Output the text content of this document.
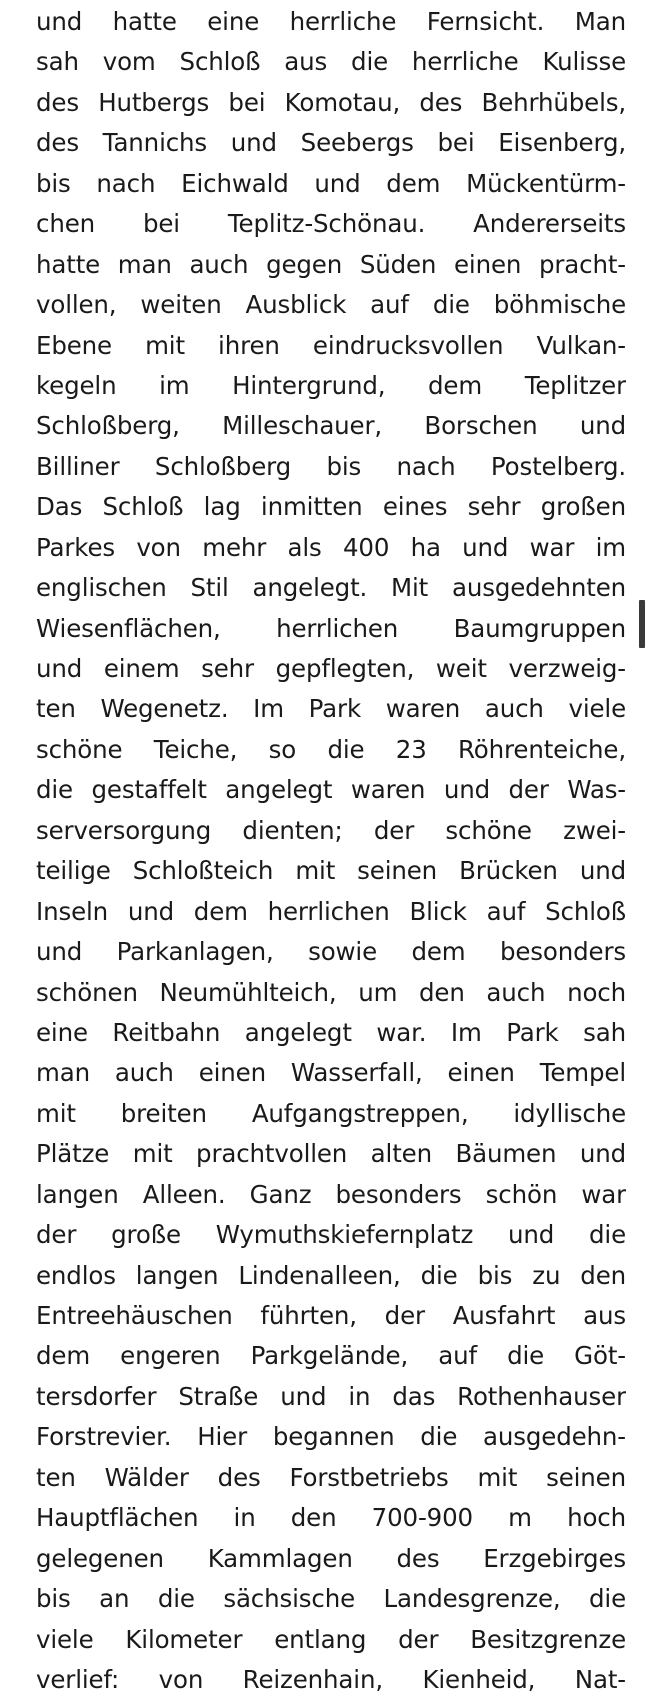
und hatte eine herrliche Fernsicht. Man
sah vom Schloß aus die herrliche Kulisse
des Hutbergs bei Komotau, des Behrhübels,
des Tannichs und Seebergs bei Eisenberg,
bis nach Eichwald und dem Mückentürm-
chen bei Teplitz-Schönau. Andererseits
hatte man auch gegen Süden einen pracht-
vollen, weiten Ausblick auf die böhmische
Ebene mit ihren eindrucksvollen Vulkan-
kegeln im Hintergrund, dem Teplitzer
Schloßberg, Milleschauer, Borschen und
Billiner Schloßberg bis nach Postelberg.
Das Schloß lag inmitten eines sehr großen
Parkes von mehr als 400 ha und war im
englischen Stil angelegt. Mit ausgedehnten
Wiesenflächen, herrlichen Baumgruppen
und einem sehr gepflegten, weit verzweig-
ten Wegenetz. Im Park waren auch viele
schöne Teiche, so die 23 Röhrenteiche,
die gestaffelt angelegt waren und der Was-
serversorgung dienten; der schöne zwei-
teilige Schloßteich mit seinen Brücken und
Inseln und dem herrlichen Blick auf Schloß
und Parkanlagen, sowie dem besonders
schönen Neumühlteich, um den auch noch
eine Reitbahn angelegt war. Im Park sah
man auch einen Wasserfall, einen Tempel
mit breiten Aufgangstreppen, idyllische
Plätze mit prachtvollen alten Bäumen und
langen Alleen. Ganz besonders schön war
der große Wymuthskiefernplatz und die
endlos langen Lindenalleen, die bis zu den
Entreehäuschen führten, der Ausfahrt aus
dem engeren Parkgelände, auf die Göt-
tersdorfer Straße und in das Rothenhauser
Forstrevier. Hier begannen die ausgedehn-
ten Wälder des Forstbetriebs mit seinen
Hauptflächen in den 700-900 m hoch
gelegenen Kammlagen des Erzgebirges
bis an die sächsische Landesgrenze, die
viele Kilometer entlang der Besitzgrenze
verlief: von Reizenhain, Kienheid, Nat-
